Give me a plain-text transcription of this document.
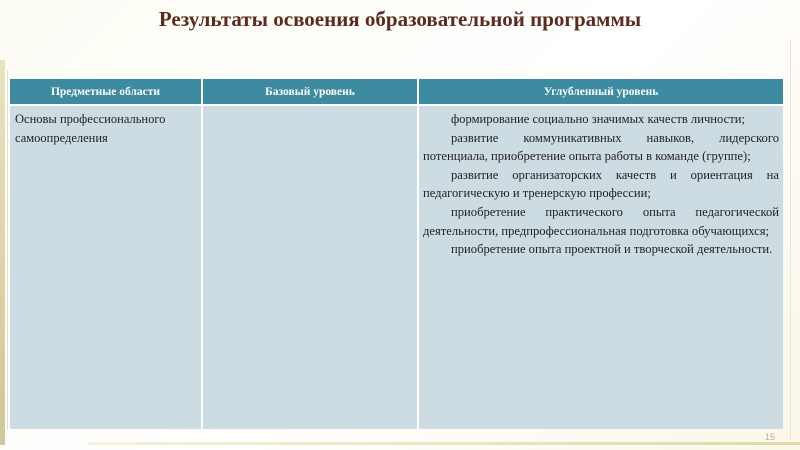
Результаты освоения образовательной программы
Предметные области	Базовый уровень	Углубленный уровень
Основы профессионального самоопределения		формирование социально значимых качеств личности;

развитие коммуникативных навыков, лидерского потенциала, приобретение опыта работы в команде (группе);

развитие организаторских качеств и ориентация на педагогическую и тренерскую профессии;

приобретение практического опыта педагогической деятельности, предпрофессиональная подготовка обучающихся;

приобретение опыта проектной и творческой деятельности.

15
